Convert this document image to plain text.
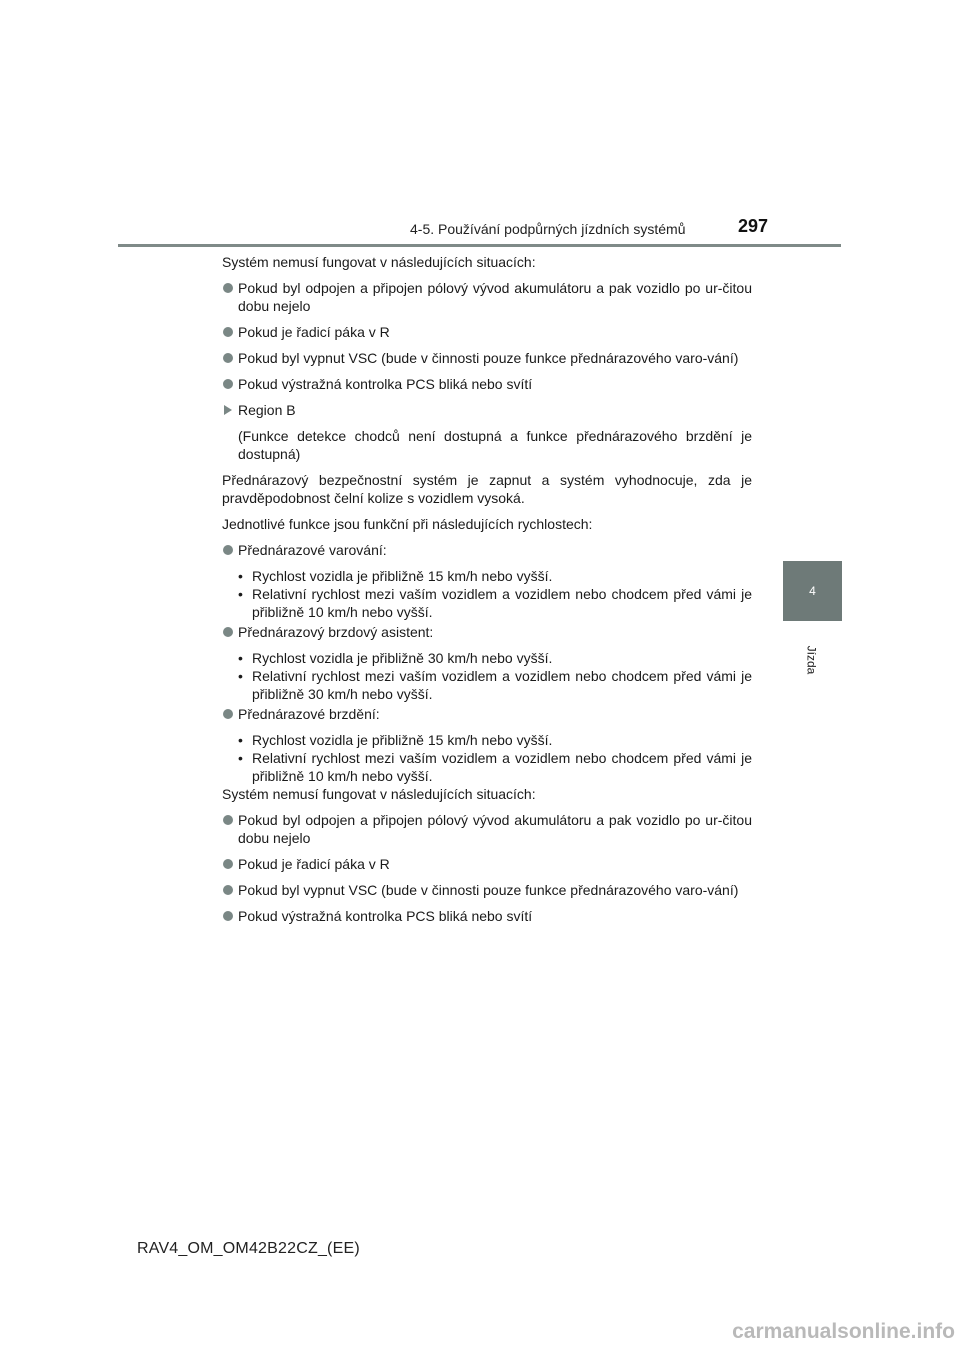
4-5. Používání podpůrných jízdních systémů	297
4
Jízda

Systém nemusí fungovat v následujících situacích:

Pokud byl odpojen a připojen pólový vývod akumulátoru a pak vozidlo po ur-čitou dobu nejelo

Pokud je řadicí páka v R

Pokud byl vypnut VSC (bude v činnosti pouze funkce přednárazového varo-vání)

Pokud výstražná kontrolka PCS bliká nebo svítí

Region B

(Funkce detekce chodců není dostupná a funkce přednárazového brzdění je dostupná)

Přednárazový bezpečnostní systém je zapnut a systém vyhodnocuje, zda je pravděpodobnost čelní kolize s vozidlem vysoká.

Jednotlivé funkce jsou funkční při následujících rychlostech:

Přednárazové varování:

• Rychlost vozidla je přibližně 15 km/h nebo vyšší.

• Relativní rychlost mezi vaším vozidlem a vozidlem nebo chodcem před vámi je přibližně 10 km/h nebo vyšší.

Přednárazový brzdový asistent:

• Rychlost vozidla je přibližně 30 km/h nebo vyšší.

• Relativní rychlost mezi vaším vozidlem a vozidlem nebo chodcem před vámi je přibližně 30 km/h nebo vyšší.

Přednárazové brzdění:

• Rychlost vozidla je přibližně 15 km/h nebo vyšší.

• Relativní rychlost mezi vaším vozidlem a vozidlem nebo chodcem před vámi je přibližně 10 km/h nebo vyšší.

Systém nemusí fungovat v následujících situacích:

Pokud byl odpojen a připojen pólový vývod akumulátoru a pak vozidlo po ur-čitou dobu nejelo

Pokud je řadicí páka v R

Pokud byl vypnut VSC (bude v činnosti pouze funkce přednárazového varo-vání)

Pokud výstražná kontrolka PCS bliká nebo svítí

RAV4_OM_OM42B22CZ_(EE)
carmanualsonline.info
